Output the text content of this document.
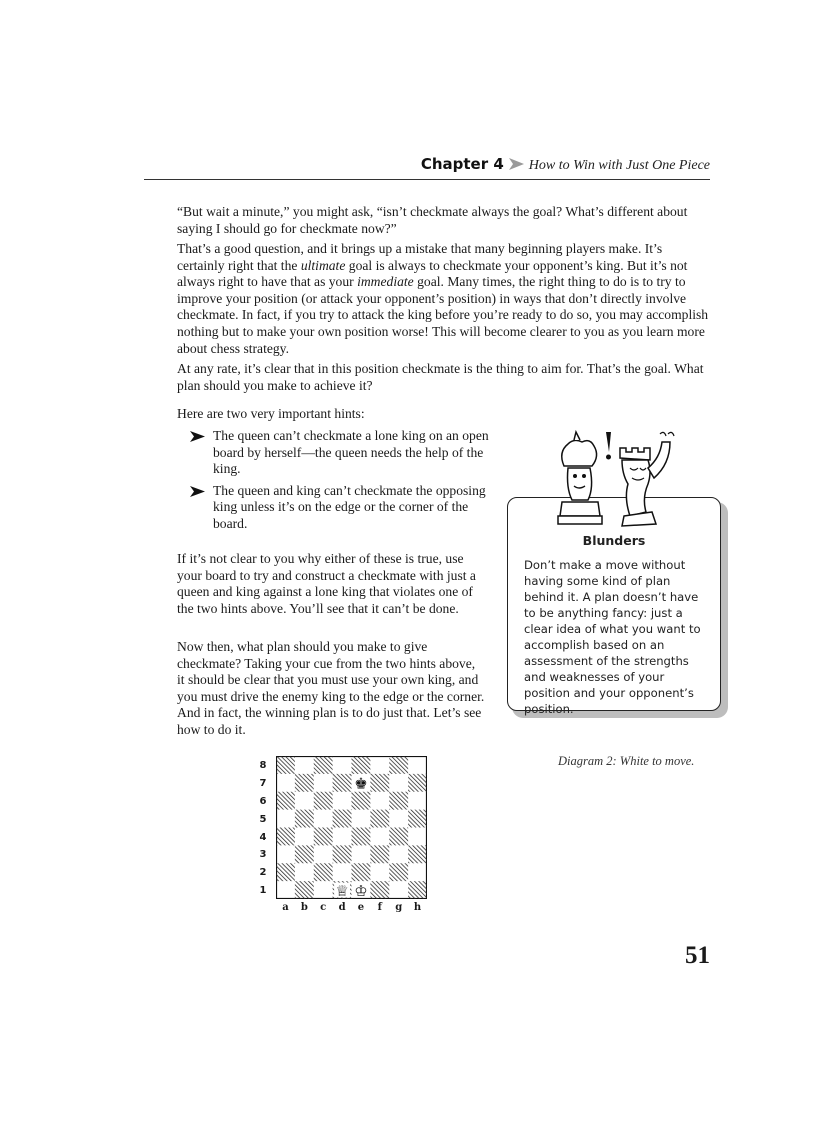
Chapter 4 How to Win with Just One Piece

“But wait a minute,” you might ask, “isn’t checkmate always the goal? What’s different about saying I should go for checkmate now?”

That’s a good question, and it brings up a mistake that many beginning players make. It’s certainly right that the ultimate goal is always to checkmate your opponent’s king. But it’s not always right to have that as your immediate goal. Many times, the right thing to do is to try to improve your position (or attack your opponent’s position) in ways that don’t directly involve checkmate. In fact, if you try to attack the king before you’re ready to do so, you may accomplish nothing but to make your own position worse! This will become clearer to you as you learn more about chess strategy.

At any rate, it’s clear that in this position checkmate is the thing to aim for. That’s the goal. What plan should you make to achieve it?

Here are two very important hints:

The queen can’t checkmate a lone king on an open board by herself—the queen needs the help of the king.
The queen and king can’t checkmate the opposing king unless it’s on the edge or the corner of the board.

If it’s not clear to you why either of these is true, use your board to try and construct a checkmate with just a queen and king against a lone king that violates one of the two hints above. You’ll see that it can’t be done.

Now then, what plan should you make to give checkmate? Taking your cue from the two hints above, it should be clear that you must use your own king, and you must drive the enemy king to the edge or the corner. And in fact, the winning plan is to do just that. Let’s see how to do it.

Blunders
Don’t make a move without having some kind of plan behind it. A plan doesn’t have to be anything fancy: just a clear idea of what you want to accomplish based on an assessment of the strengths and weaknesses of your position and your opponent’s position.
8
7
6
5
4
3
2
1
♚
♕ ♔
a	b	c	d	e	f	g	h
Diagram 2: White to move.
51
